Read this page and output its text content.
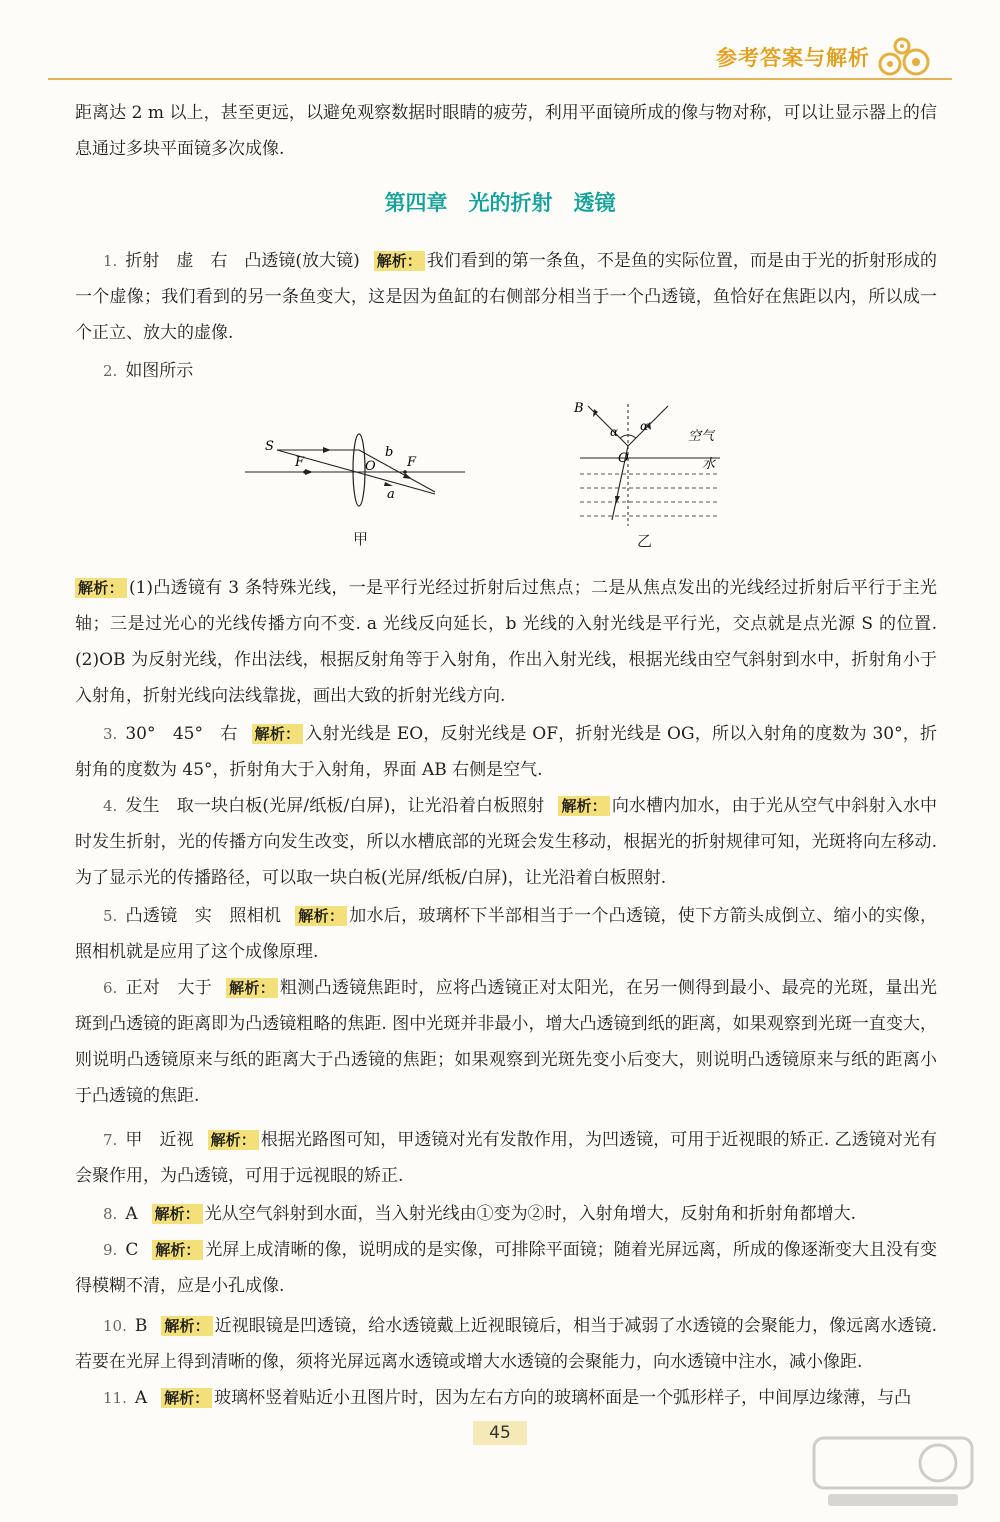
参考答案与解析

距离达 2 m 以上，甚至更远，以避免观察数据时眼睛的疲劳，利用平面镜所成的像与物对称，可以让显示器上的信息通过多块平面镜多次成像.

第四章　光的折射　透镜

1. 折射　虚　右　凸透镜(放大镜) 解析： 我们看到的第一条鱼，不是鱼的实际位置，而是由于光的折射形成的一个虚像；我们看到的另一条鱼变大，这是因为鱼缸的右侧部分相当于一个凸透镜，鱼恰好在焦距以内，所以成一个正立、放大的虚像.

2. 如图所示

S
F	O
b
F
a
甲
B
α α
O
空气
水
乙

解析： (1)凸透镜有 3 条特殊光线，一是平行光经过折射后过焦点；二是从焦点发出的光线经过折射后平行于主光轴；三是过光心的光线传播方向不变. a 光线反向延长，b 光线的入射光线是平行光，交点就是点光源 S 的位置. (2)OB 为反射光线，作出法线，根据反射角等于入射角，作出入射光线，根据光线由空气斜射到水中，折射角小于入射角，折射光线向法线靠拢，画出大致的折射光线方向.

3. 30°　45°　右 解析： 入射光线是 EO，反射光线是 OF，折射光线是 OG，所以入射角的度数为 30°，折射角的度数为 45°，折射角大于入射角，界面 AB 右侧是空气.

4. 发生　取一块白板(光屏/纸板/白屏)，让光沿着白板照射 解析： 向水槽内加水，由于光从空气中斜射入水中时发生折射，光的传播方向发生改变，所以水槽底部的光斑会发生移动，根据光的折射规律可知，光斑将向左移动. 为了显示光的传播路径，可以取一块白板(光屏/纸板/白屏)，让光沿着白板照射.

5. 凸透镜　实　照相机 解析： 加水后，玻璃杯下半部相当于一个凸透镜，使下方箭头成倒立、缩小的实像，照相机就是应用了这个成像原理.

6. 正对　大于 解析： 粗测凸透镜焦距时，应将凸透镜正对太阳光，在另一侧得到最小、最亮的光斑，量出光斑到凸透镜的距离即为凸透镜粗略的焦距. 图中光斑并非最小，增大凸透镜到纸的距离，如果观察到光斑一直变大，则说明凸透镜原来与纸的距离大于凸透镜的焦距；如果观察到光斑先变小后变大，则说明凸透镜原来与纸的距离小于凸透镜的焦距.

7. 甲　近视 解析： 根据光路图可知，甲透镜对光有发散作用，为凹透镜，可用于近视眼的矫正. 乙透镜对光有会聚作用，为凸透镜，可用于远视眼的矫正.

8. A 解析： 光从空气斜射到水面，当入射光线由①变为②时，入射角增大，反射角和折射角都增大.

9. C 解析： 光屏上成清晰的像，说明成的是实像，可排除平面镜；随着光屏远离，所成的像逐渐变大且没有变得模糊不清，应是小孔成像.

10. B 解析： 近视眼镜是凹透镜，给水透镜戴上近视眼镜后，相当于减弱了水透镜的会聚能力，像远离水透镜. 若要在光屏上得到清晰的像，须将光屏远离水透镜或增大水透镜的会聚能力，向水透镜中注水，减小像距.

11. A 解析： 玻璃杯竖着贴近小丑图片时，因为左右方向的玻璃杯面是一个弧形样子，中间厚边缘薄，与凸

45
